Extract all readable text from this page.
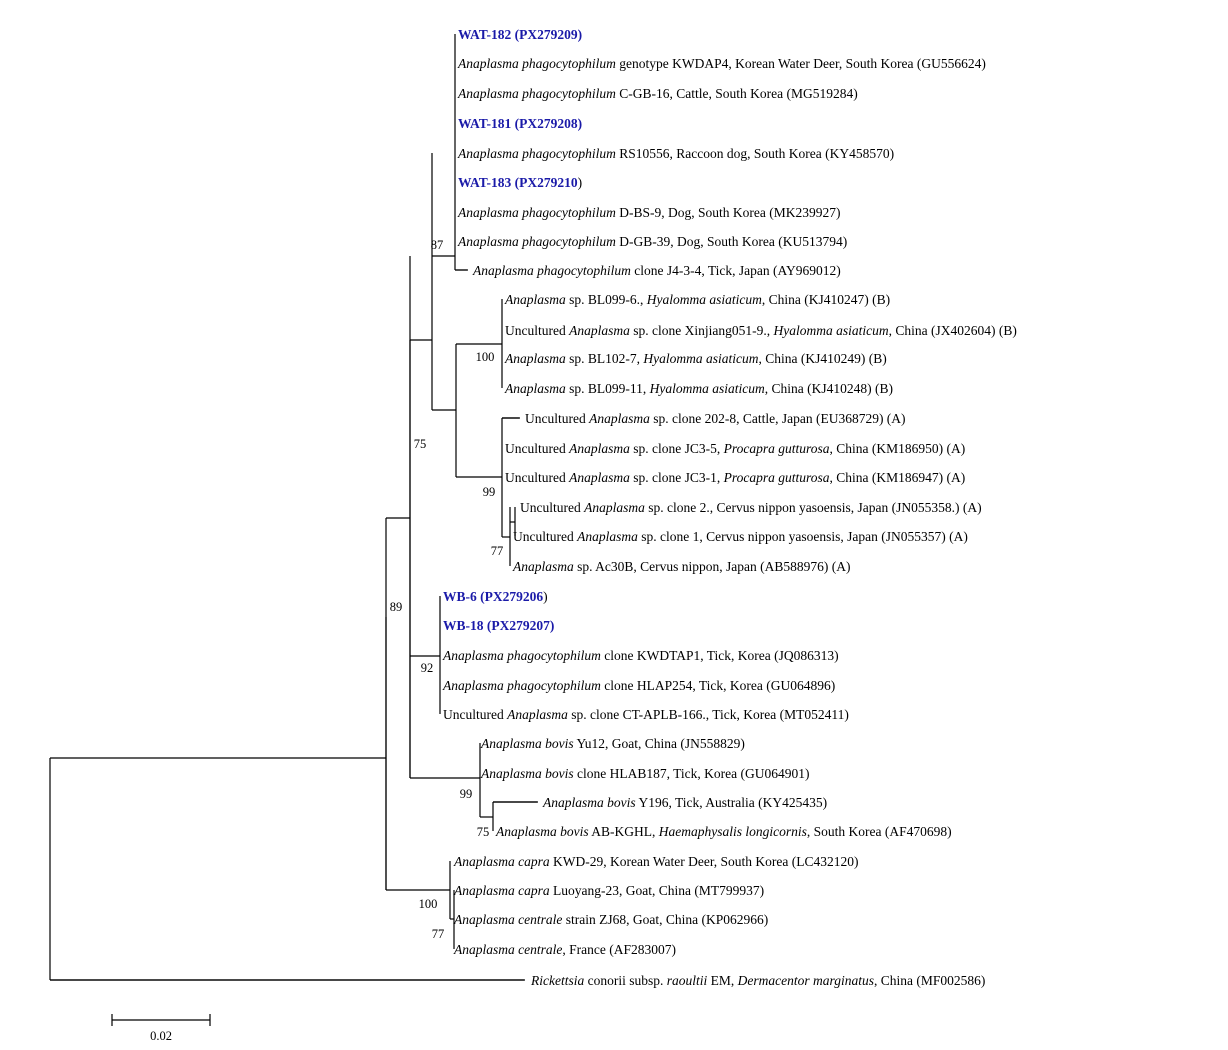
WAT-182 (PX279209)
Anaplasma phagocytophilum genotype KWDAP4, Korean Water Deer, South Korea (GU556624)
Anaplasma phagocytophilum C-GB-16, Cattle, South Korea (MG519284)
WAT-181 (PX279208)
Anaplasma phagocytophilum RS10556, Raccoon dog, South Korea (KY458570)
WAT-183 (PX279210)
Anaplasma phagocytophilum D-BS-9, Dog, South Korea (MK239927)
Anaplasma phagocytophilum D-GB-39, Dog, South Korea (KU513794)
Anaplasma phagocytophilum clone J4-3-4, Tick, Japan (AY969012)
Anaplasma sp. BL099-6., Hyalomma asiaticum, China (KJ410247) (B)
Uncultured Anaplasma sp. clone Xinjiang051-9., Hyalomma asiaticum, China (JX402604) (B)
Anaplasma sp. BL102-7, Hyalomma asiaticum, China (KJ410249) (B)
Anaplasma sp. BL099-11, Hyalomma asiaticum, China (KJ410248) (B)
Uncultured Anaplasma sp. clone 202-8, Cattle, Japan (EU368729) (A)
Uncultured Anaplasma sp. clone JC3-5, Procapra gutturosa, China (KM186950) (A)
Uncultured Anaplasma sp. clone JC3-1, Procapra gutturosa, China (KM186947) (A)
Uncultured Anaplasma sp. clone 2., Cervus nippon yasoensis, Japan (JN055358.) (A)
Uncultured Anaplasma sp. clone 1, Cervus nippon yasoensis, Japan (JN055357) (A)
Anaplasma sp. Ac30B, Cervus nippon, Japan (AB588976) (A)
WB-6 (PX279206)
WB-18 (PX279207)
Anaplasma phagocytophilum clone KWDTAP1, Tick, Korea (JQ086313)
Anaplasma phagocytophilum clone HLAP254, Tick, Korea (GU064896)
Uncultured Anaplasma sp. clone CT-APLB-166., Tick, Korea (MT052411)
Anaplasma bovis Yu12, Goat, China (JN558829)
Anaplasma bovis clone HLAB187, Tick, Korea (GU064901)
Anaplasma bovis Y196, Tick, Australia (KY425435)
Anaplasma bovis AB-KGHL, Haemaphysalis longicornis, South Korea (AF470698)
Anaplasma capra KWD-29, Korean Water Deer, South Korea (LC432120)
Anaplasma capra Luoyang-23, Goat, China (MT799937)
Anaplasma centrale strain ZJ68, Goat, China (KP062966)
Anaplasma centrale, France (AF283007)
Rickettsia conorii subsp. raoultii EM, Dermacentor marginatus, China (MF002586)
87
100
99
77
75
89
92
99
75
100
77
0.02
